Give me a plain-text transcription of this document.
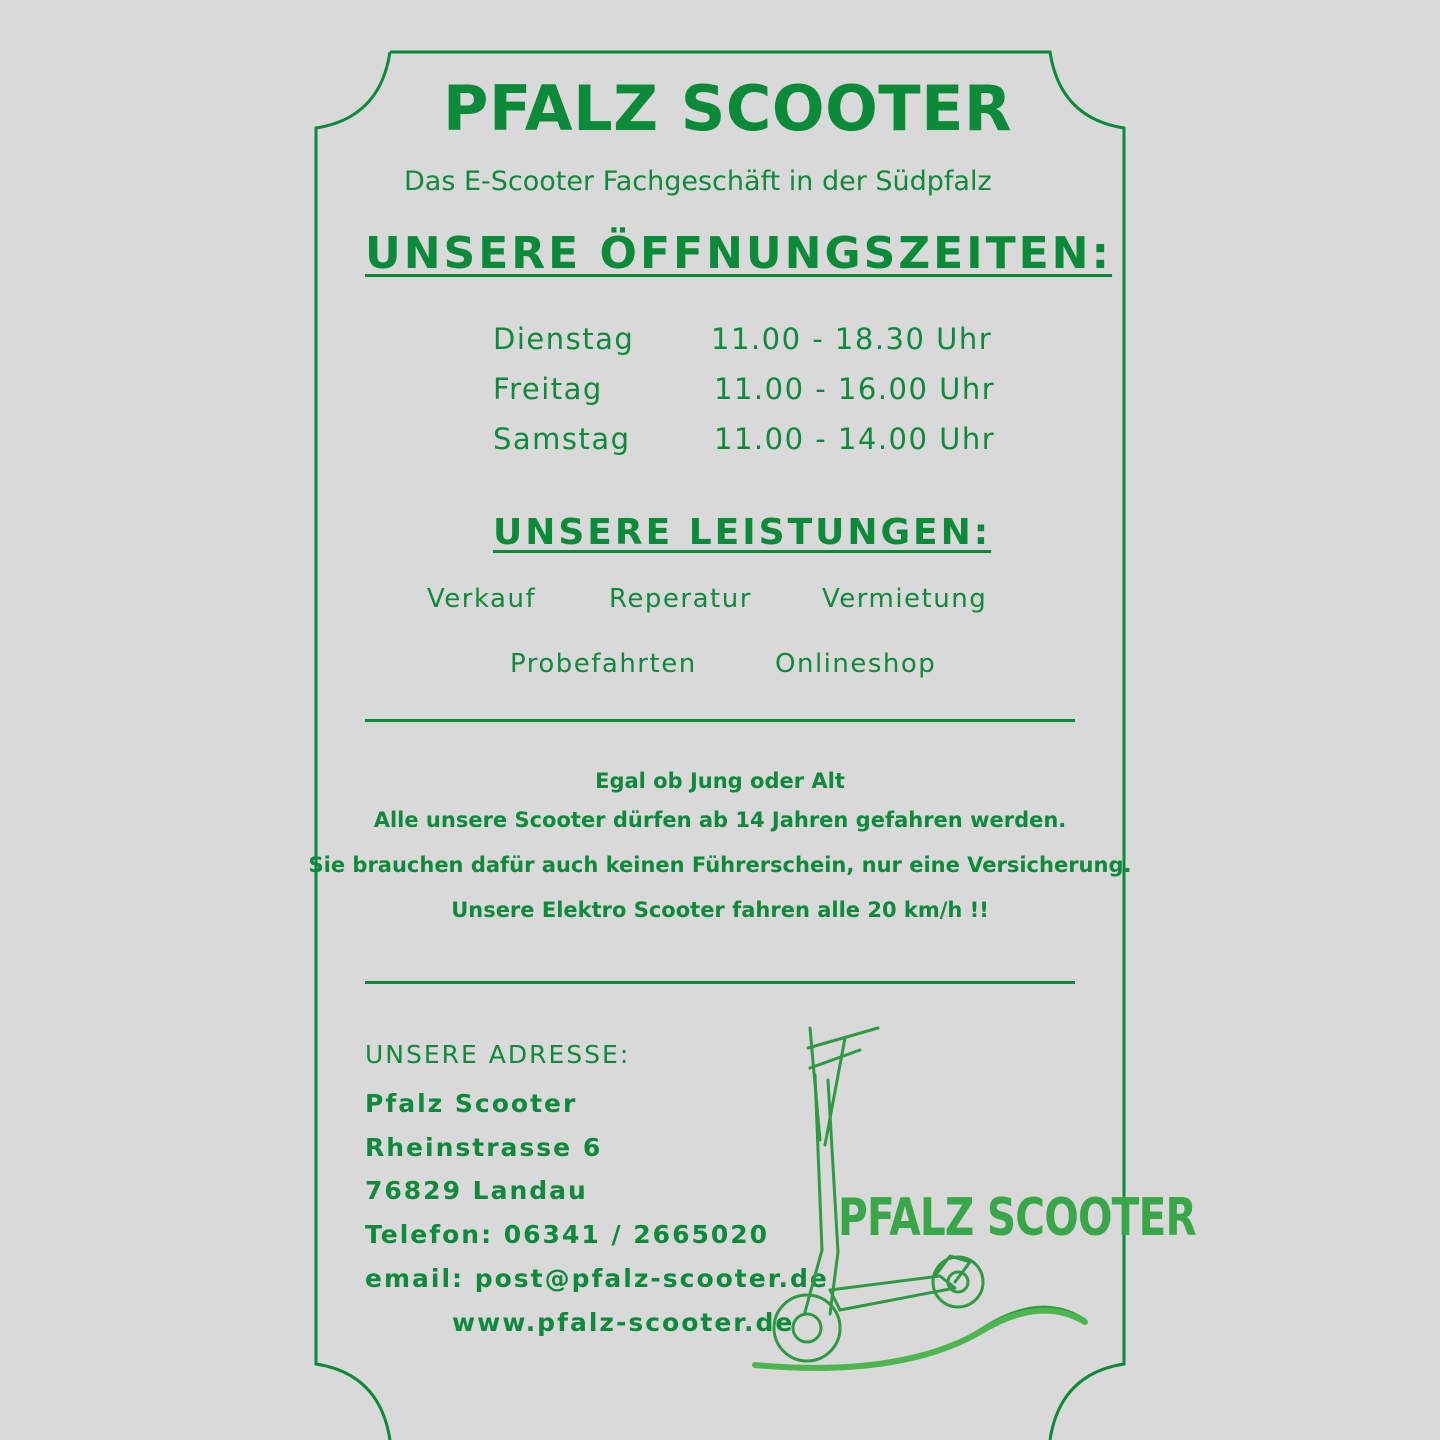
PFALZ SCOOTER
Das E-Scooter Fachgeschäft in der Südpfalz
UNSERE ÖFFNUNGSZEITEN:
Dienstag	11.00 - 18.30 Uhr
Freitag	11.00 - 16.00 Uhr
Samstag	11.00 - 14.00 Uhr
UNSERE LEISTUNGEN:
Verkauf	Reperatur	Vermietung
Probefahrten	Onlineshop
Egal ob Jung oder Alt
Alle unsere Scooter dürfen ab 14 Jahren gefahren werden.
Sie brauchen dafür auch keinen Führerschein, nur eine Versicherung.
Unsere Elektro Scooter fahren alle 20 km/h !!
UNSERE ADRESSE:
Pfalz Scooter
Rheinstrasse 6
76829 Landau
Telefon: 06341 / 2665020
email: post@pfalz-scooter.de
www.pfalz-scooter.de
PFALZ SCOOTER
